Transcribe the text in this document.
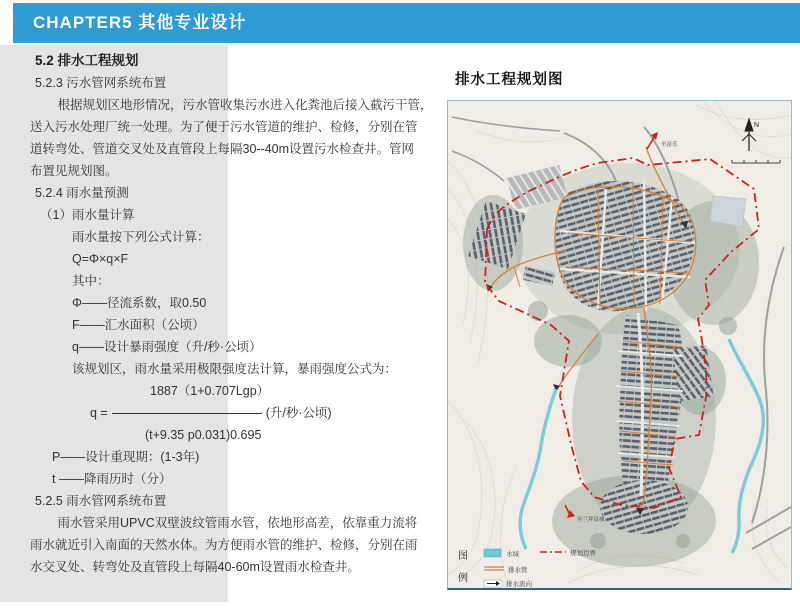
CHAPTER5 其他专业设计
5.2 排水工程规划
5.2.3 污水管网系统布置
根据规划区地形情况，污水管收集污水进入化粪池后接入截污干管，
送入污水处理厂统一处理。为了便于污水管道的维护、检修，分别在管
道转弯处、管道交叉处及直管段上每隔30--40m设置污水检查井。管网
布置见规划图。
5.2.4 雨水量预测
（1）雨水量计算
雨水量按下列公式计算：
Q=Φ×q×F
其中：
Φ——径流系数，取0.50
F——汇水面积（公顷）
q——设计暴雨强度（升/秒·公顷）
该规划区，雨水量采用极限强度法计算，暴雨强度公式为：
1887（1+0.707Lgp）
q =	(升/秒·公顷)
(t+9.35 p0.031)0.695
P——设计重现期：(1-3年)
t ——降雨历时（分）
5.2.5 雨水管网系统布置
雨水管采用UPVC双壁波纹管雨水管，依地形高差，依靠重力流将
雨水就近引入南面的天然水体。为方便雨水管的维护、检修，分别在雨
水交叉处、转弯处及直管段上每隔40-60m设置雨水检查井。
排水工程规划图
N
至富乐
至兰坪县城
图
例
水域
排水管
排水流向
规划边界
